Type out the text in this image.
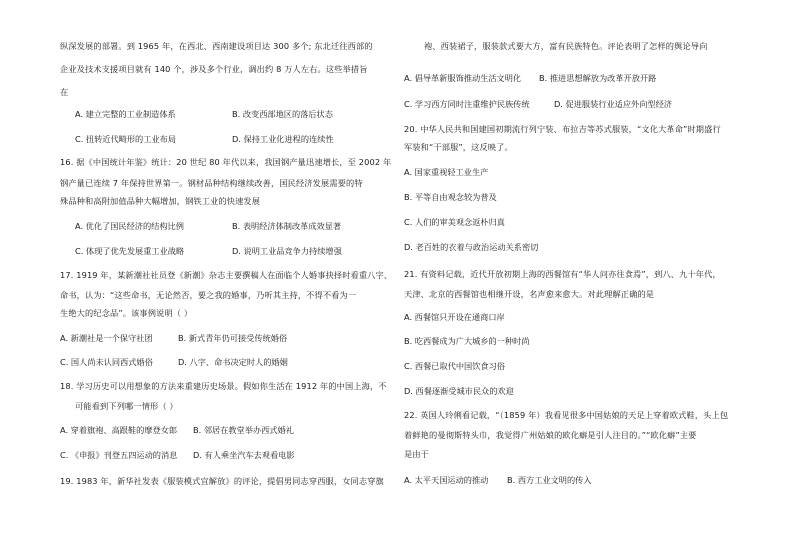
纵深发展的部署。到 1965 年，在西北、西南建设项目达 300 多个; 东北迁往西部的
企业及技术支援项目就有 140 个，涉及多个行业，调出约 8 万人左右。这些举措旨
在
A. 建立完整的工业制造体系	B. 改变西部地区的落后状态
C. 扭转近代畸形的工业布局	D. 保持工业化进程的连续性
16. 据《中国统计年鉴》统计：20 世纪 80 年代以来，我国钢产量迅速增长，至 2002 年
钢产量已连续 7 年保持世界第一。钢材品种结构继续改善，国民经济发展需要的特
殊品种和高附加值品种大幅增加，钢铁工业的快速发展
A. 优化了国民经济的结构比例	B. 表明经济体制改革成效显著
C. 体现了优先发展重工业战略	D. 说明工业品竞争力持续增强
17. 1919 年，某新潮社社员登《新潮》杂志主要撰稿人在面临个人婚事抉择时看重八字、
命书，认为：“这些命书，无论然否，要之我的婚事，乃听其主持，不得不看为一
生绝大的纪念品”。该事例说明（ ）
A. 新潮社是一个保守社团	B. 新式青年仍可接受传统婚俗
C. 国人尚未认同西式婚俗	D. 八字、命书决定时人的婚姻
18. 学习历史可以用想象的方法来重建历史场景。假如你生活在 1912 年的中国上海，不
可能看到下列哪一情形（ ）
A. 穿着旗袍、高跟鞋的摩登女郎 B. 邻居在教堂举办西式婚礼
C. 《申报》刊登五四运动的消息 D. 有人乘坐汽车去观看电影
19. 1983 年，新华社发表《服装模式宜解放》的评论，提倡男同志穿西服，女同志穿旗
袍、西装裙子，服装款式要大方，富有民族特色。评论表明了怎样的舆论导向
A. 倡导革新服饰推动生活文明化 B. 推进思想解放为改革开放开路
C. 学习西方同时注重维护民族传统	D. 促进服装行业适应外向型经济
20. 中华人民共和国建国初期流行列宁装、布拉吉等苏式服装，“文化大革命”时期盛行
军装和“干部服”，这反映了。
A. 国家重视轻工业生产
B. 平等自由观念较为普及
C. 人们的审美观念返朴归真
D. 老百姓的衣着与政治运动关系密切
21. 有资料记载，近代开放初期上海的西餐馆有“华人问亦往食焉”，到八、九十年代，
天津、北京的西餐馆也相继开设，名声愈来愈大。对此理解正确的是
A. 西餐馆只开设在通商口岸
B. 吃西餐成为广大城乡的一种时尚
C. 西餐已取代中国饮食习俗
D. 西餐逐渐受城市民众的欢迎
22. 英国人玲俐看记载，“（1859 年）我看见很多中国姑娘的天足上穿着欧式鞋，头上包
着鲜艳的曼彻斯特头巾，我觉得广州姑娘的欧化癖是引人注目的。”“欧化癖”主要
是由于
A. 太平天国运动的推动 B. 西方工业文明的传入
